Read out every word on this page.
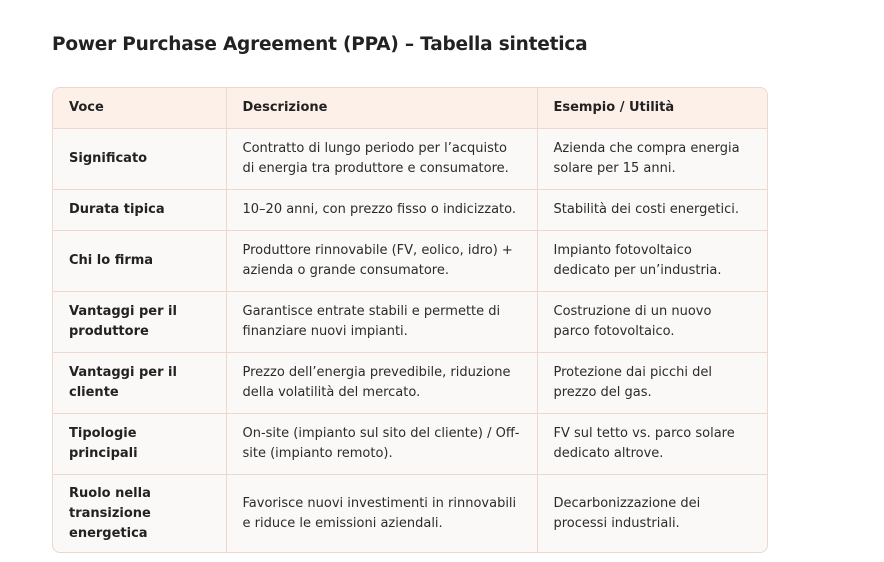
Power Purchase Agreement (PPA) – Tabella sintetica
Voce	Descrizione	Esempio / Utilità
Significato	Contratto di lungo periodo per l’acquisto di energia tra produttore e consumatore.	Azienda che compra energia solare per 15 anni.
Durata tipica	10–20 anni, con prezzo fisso o indicizzato.	Stabilità dei costi energetici.
Chi lo firma	Produttore rinnovabile (FV, eolico, idro) + azienda o grande consumatore.	Impianto fotovoltaico dedicato per un’industria.
Vantaggi per il produttore	Garantisce entrate stabili e permette di finanziare nuovi impianti.	Costruzione di un nuovo parco fotovoltaico.
Vantaggi per il cliente	Prezzo dell’energia prevedibile, riduzione della volatilità del mercato.	Protezione dai picchi del prezzo del gas.
Tipologie principali	On-site (impianto sul sito del cliente) / Off-site (impianto remoto).	FV sul tetto vs. parco solare dedicato altrove.
Ruolo nella transizione energetica	Favorisce nuovi investimenti in rinnovabili e riduce le emissioni aziendali.	Decarbonizzazione dei processi industriali.
